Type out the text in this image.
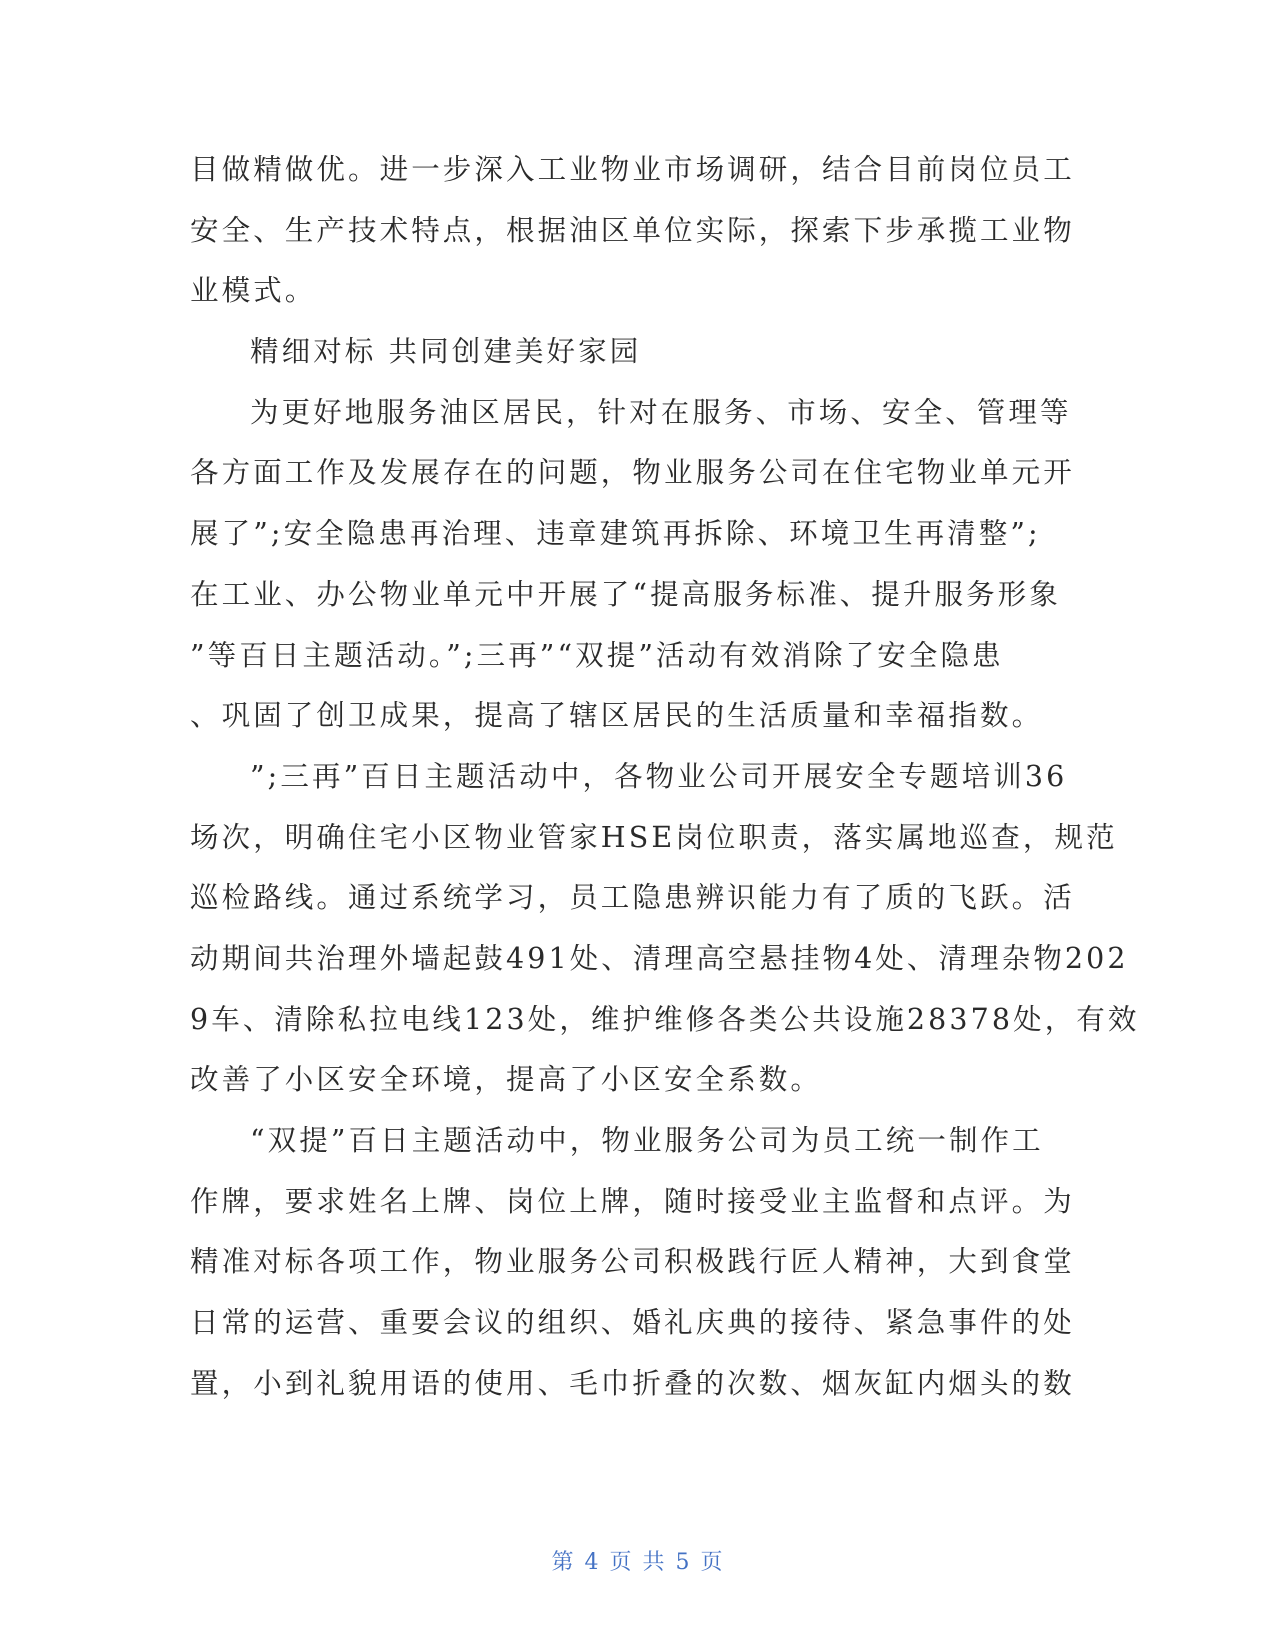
目做精做优。进一步深入工业物业市场调研，结合目前岗位员工
安全、生产技术特点，根据油区单位实际，探索下步承揽工业物
业模式。
精细对标 共同创建美好家园
为更好地服务油区居民，针对在服务、市场、安全、管理等
各方面工作及发展存在的问题，物业服务公司在住宅物业单元开
展了”;安全隐患再治理、违章建筑再拆除、环境卫生再清整”;
在工业、办公物业单元中开展了“提高服务标准、提升服务形象
”等百日主题活动。”;三再”“双提”活动有效消除了安全隐患
、巩固了创卫成果，提高了辖区居民的生活质量和幸福指数。
”;三再”百日主题活动中，各物业公司开展安全专题培训36
场次，明确住宅小区物业管家HSE岗位职责，落实属地巡查，规范
巡检路线。通过系统学习，员工隐患辨识能力有了质的飞跃。活
动期间共治理外墙起鼓491处、清理高空悬挂物4处、清理杂物202
9车、清除私拉电线123处，维护维修各类公共设施28378处，有效
改善了小区安全环境，提高了小区安全系数。
“双提”百日主题活动中，物业服务公司为员工统一制作工
作牌，要求姓名上牌、岗位上牌，随时接受业主监督和点评。为
精准对标各项工作，物业服务公司积极践行匠人精神，大到食堂
日常的运营、重要会议的组织、婚礼庆典的接待、紧急事件的处
置，小到礼貌用语的使用、毛巾折叠的次数、烟灰缸内烟头的数
第 4 页 共 5 页
